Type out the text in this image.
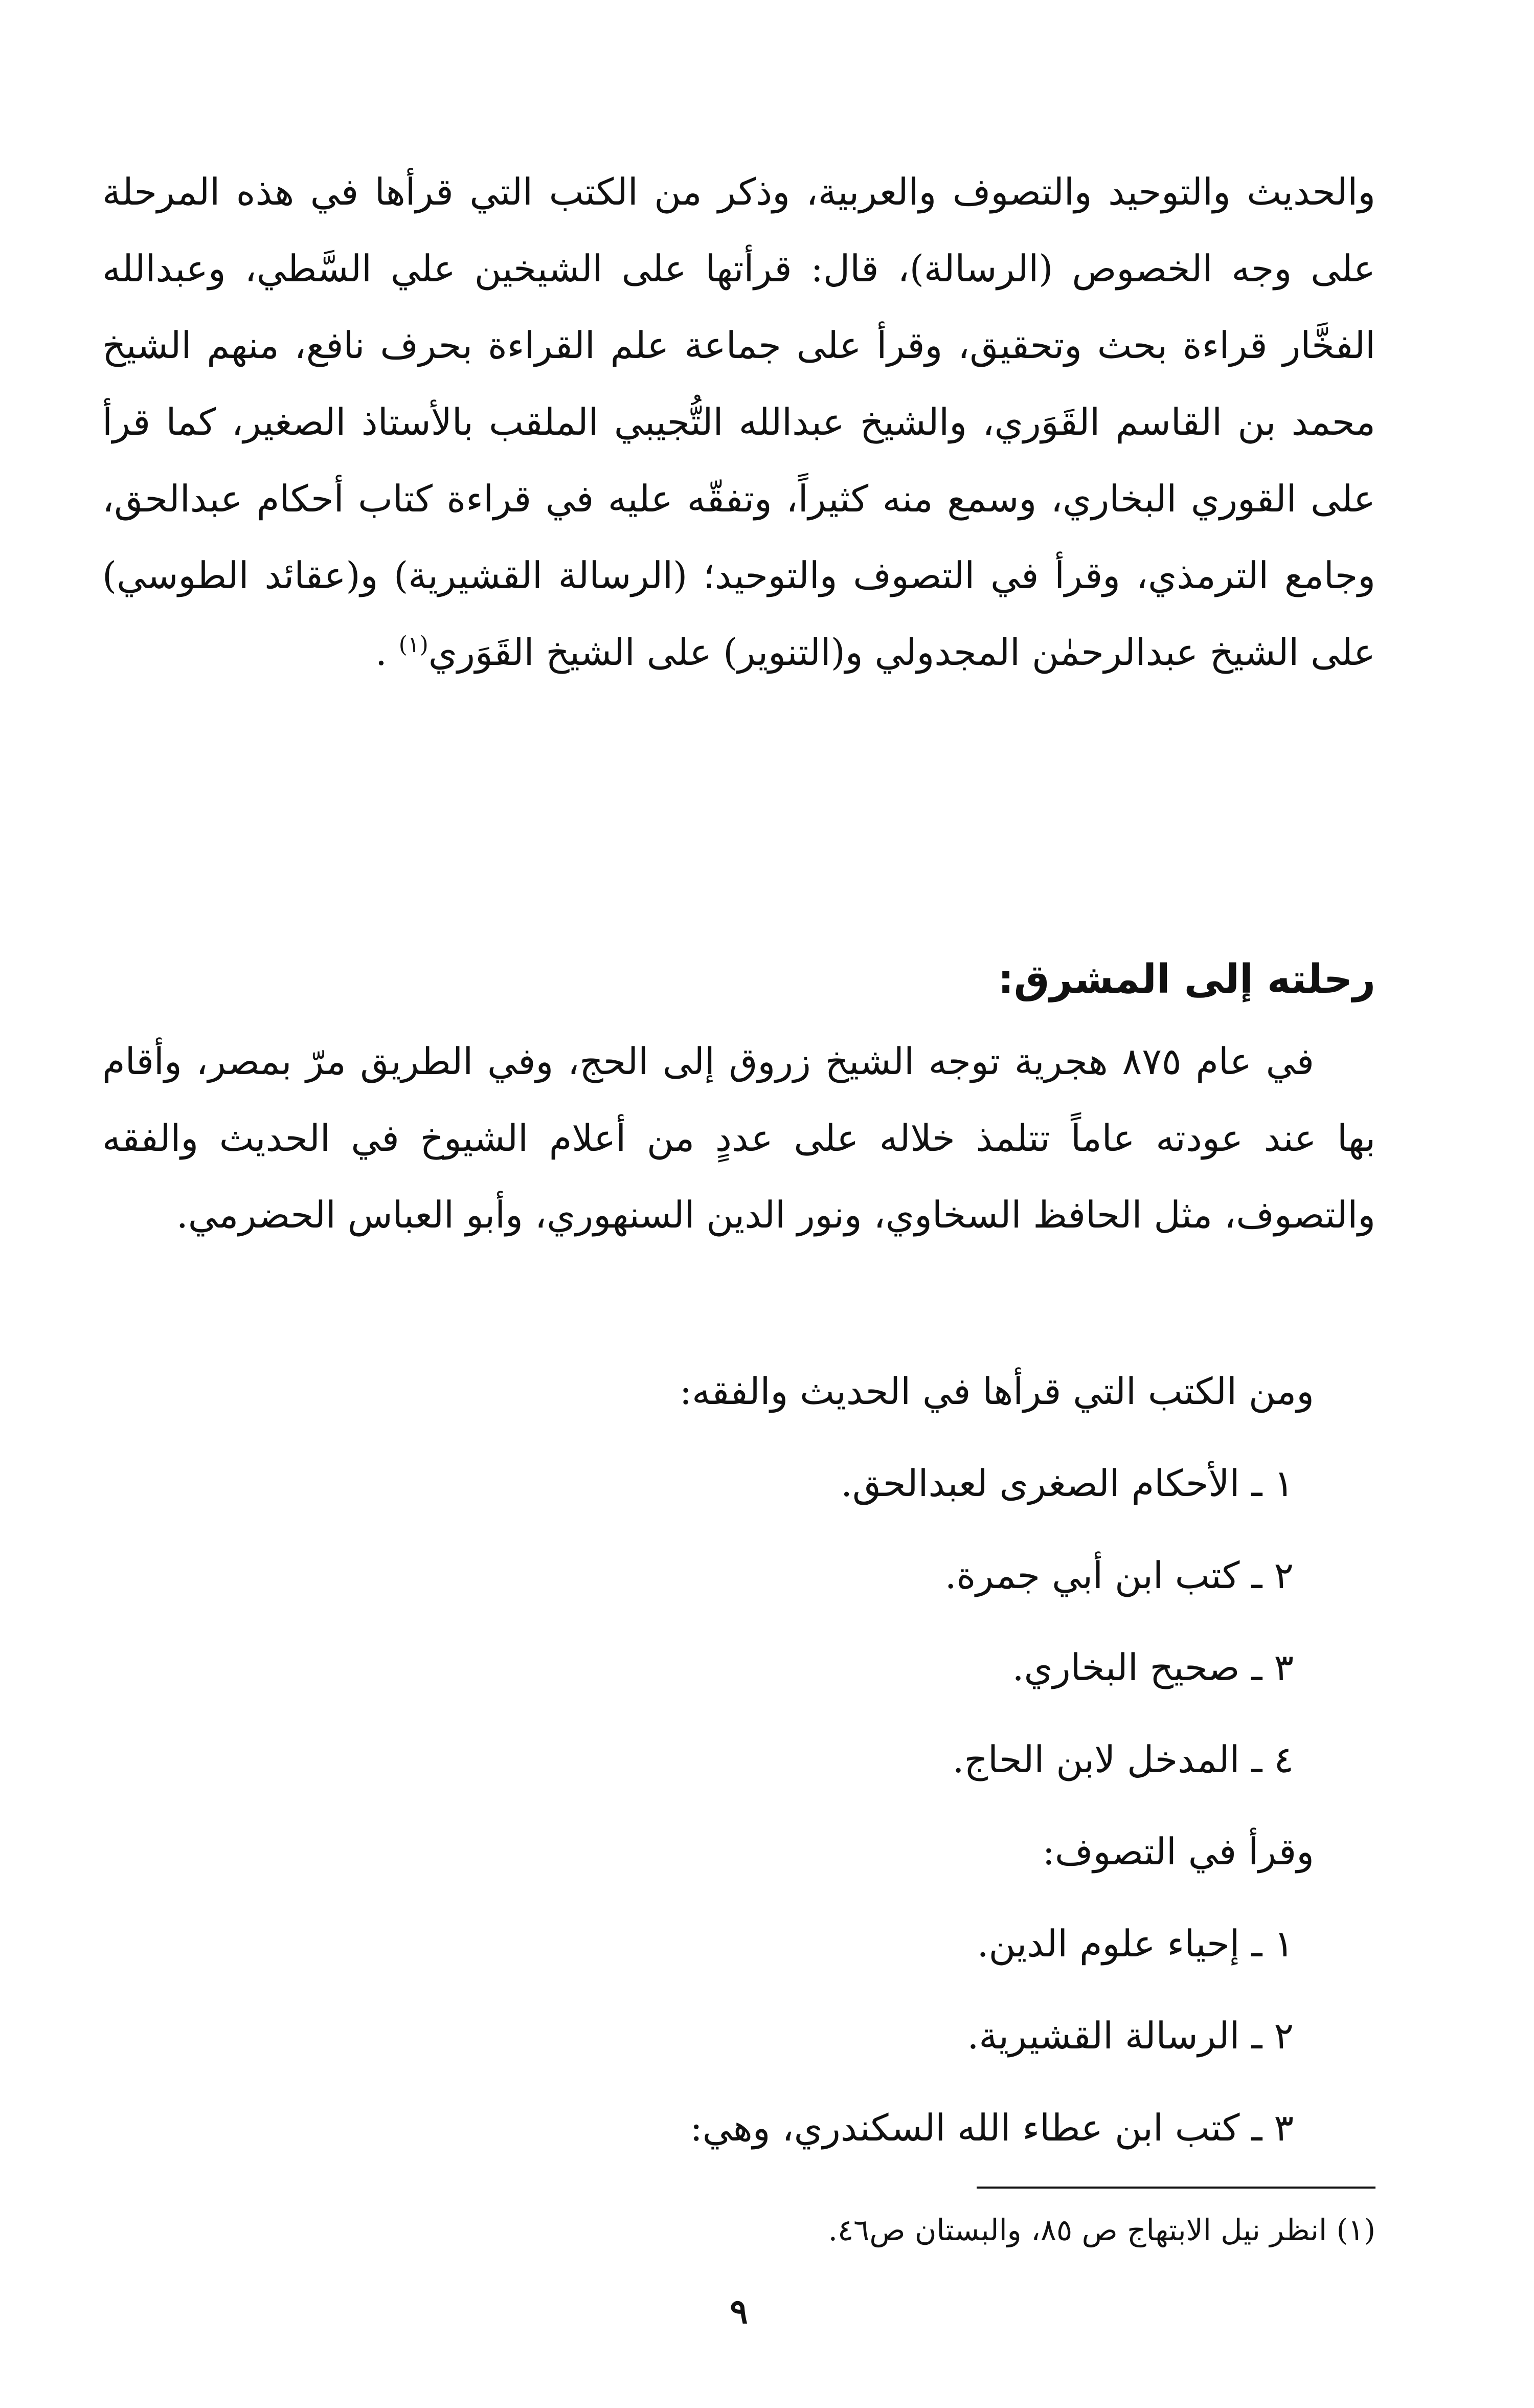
والحديث والتوحيد والتصوف والعربية، وذكر من الكتب التي قرأها في هذه المرحلة على وجه الخصوص (الرسالة)، قال: قرأتها على الشيخين علي السَّطي، وعبدالله الفخَّار قراءة بحث وتحقيق، وقرأ على جماعة علم القراءة بحرف نافع، منهم الشيخ محمد بن القاسم القَوَري، والشيخ عبدالله التُّجيبي الملقب بالأستاذ الصغير، كما قرأ على القوري البخاري، وسمع منه كثيراً، وتفقّه عليه في قراءة كتاب أحكام عبدالحق، وجامع الترمذي، وقرأ في التصوف والتوحيد؛ (الرسالة القشيرية) و(عقائد الطوسي) على الشيخ عبدالرحمٰن المجدولي و(التنوير) على الشيخ القَوَري$^{(١)}$ .

رحلته إلى المشرق:

في عام ٨٧٥ هجرية توجه الشيخ زروق إلى الحج، وفي الطريق مرّ بمصر، وأقام بها عند عودته عاماً تتلمذ خلاله على عددٍ من أعلام الشيوخ في الحديث والفقه والتصوف، مثل الحافظ السخاوي، ونور الدين السنهوري، وأبو العباس الحضرمي.

ومن الكتب التي قرأها في الحديث والفقه:
١ ـ الأحكام الصغرى لعبدالحق.
٢ ـ كتب ابن أبي جمرة.
٣ ـ صحيح البخاري.
٤ ـ المدخل لابن الحاج.
وقرأ في التصوف:
١ ـ إحياء علوم الدين.
٢ ـ الرسالة القشيرية.
٣ ـ كتب ابن عطاء الله السكندري، وهي:
(١) انظر نيل الابتهاج ص ٨٥، والبستان ص٤٦.
٩
